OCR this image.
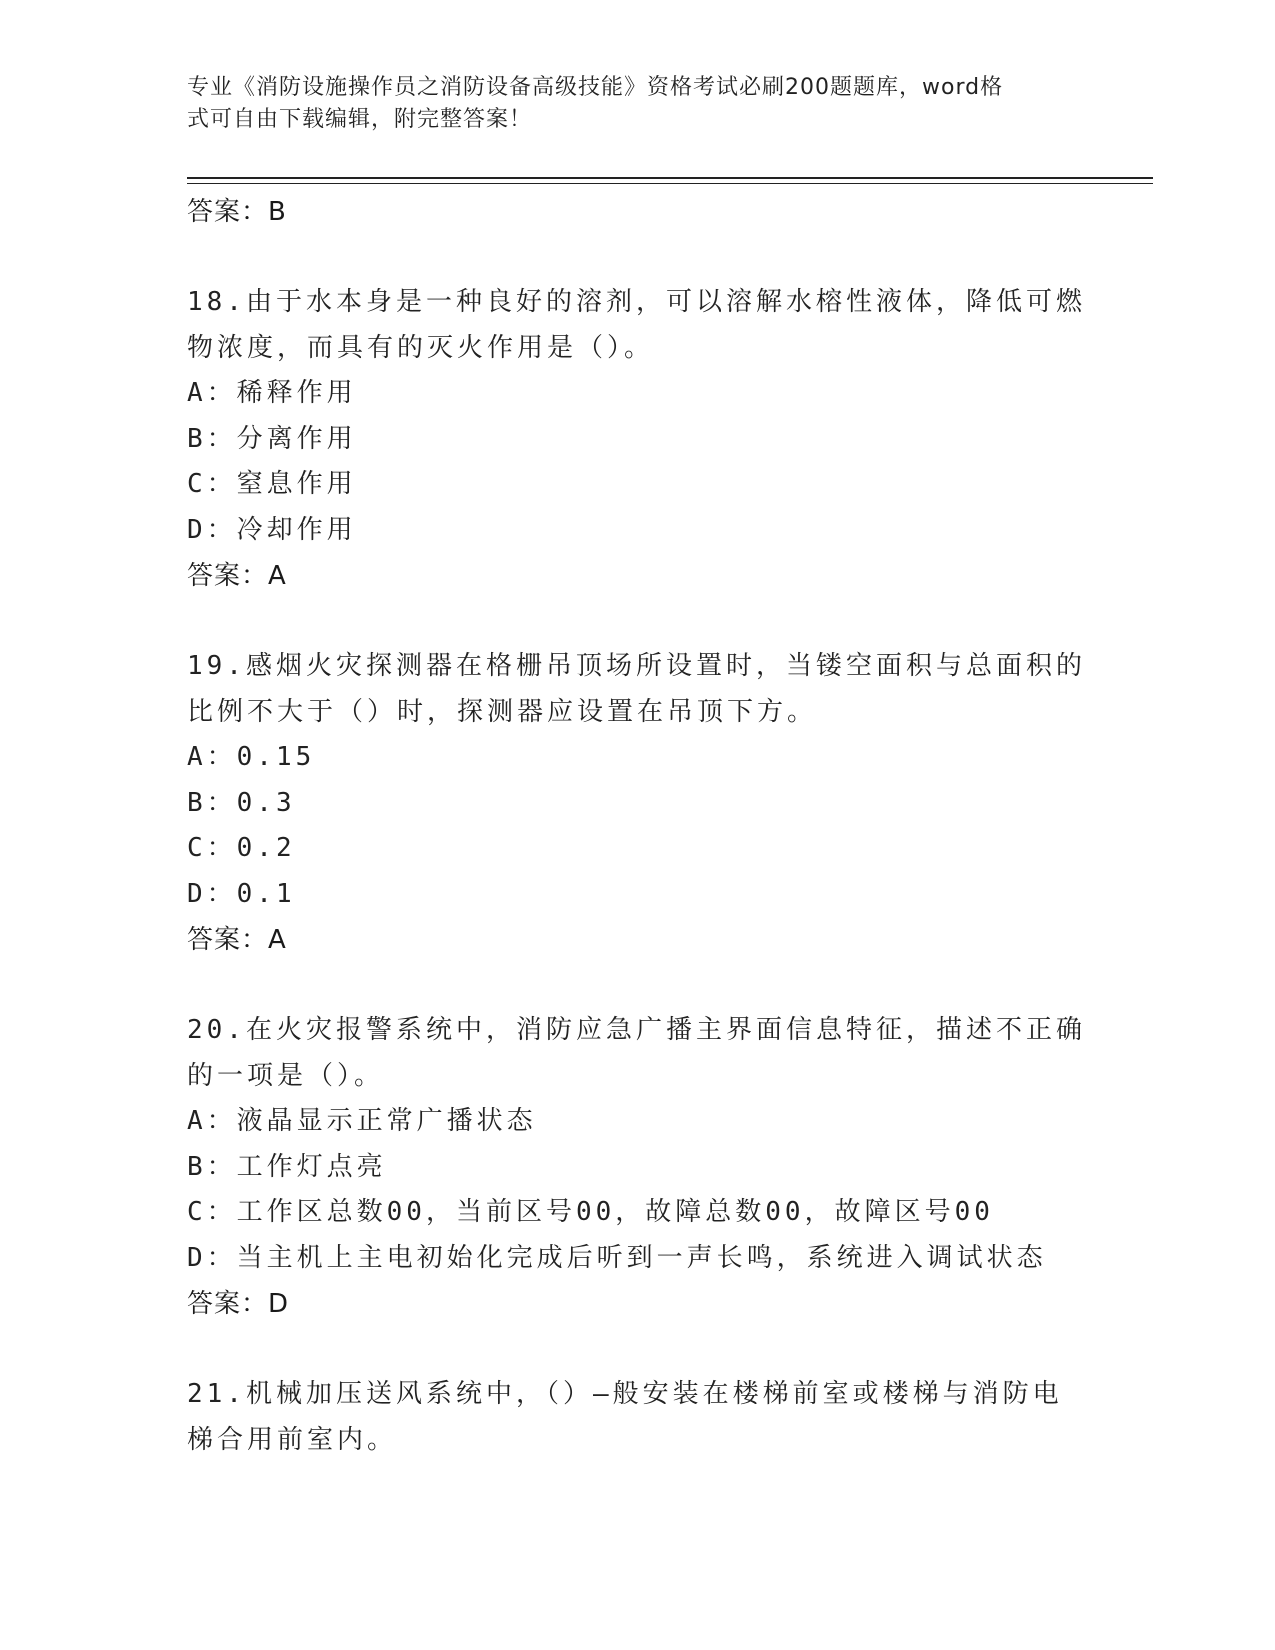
专业《消防设施操作员之消防设备高级技能》资格考试必刷200题题库，word格
式可自由下载编辑，附完整答案！

答案：B

18.由于水本身是一种良好的溶剂，可以溶解水榕性液体，降低可燃物浓度，而具有的灭火作用是（）。

A：稀释作用

B：分离作用

C：窒息作用

D：冷却作用

答案：A

19.感烟火灾探测器在格栅吊顶场所设置时，当镂空面积与总面积的比例不大于（）时，探测器应设置在吊顶下方。

A：0.15

B：0.3

C：0.2

D：0.1

答案：A

20.在火灾报警系统中，消防应急广播主界面信息特征，描述不正确的一项是（）。

A：液晶显示正常广播状态

B：工作灯点亮

C：工作区总数00，当前区号00，故障总数00，故障区号00

D：当主机上主电初始化完成后听到一声长鸣，系统进入调试状态

答案：D

21.机械加压送风系统中，（）—般安装在楼梯前室或楼梯与消防电梯合用前室内。
